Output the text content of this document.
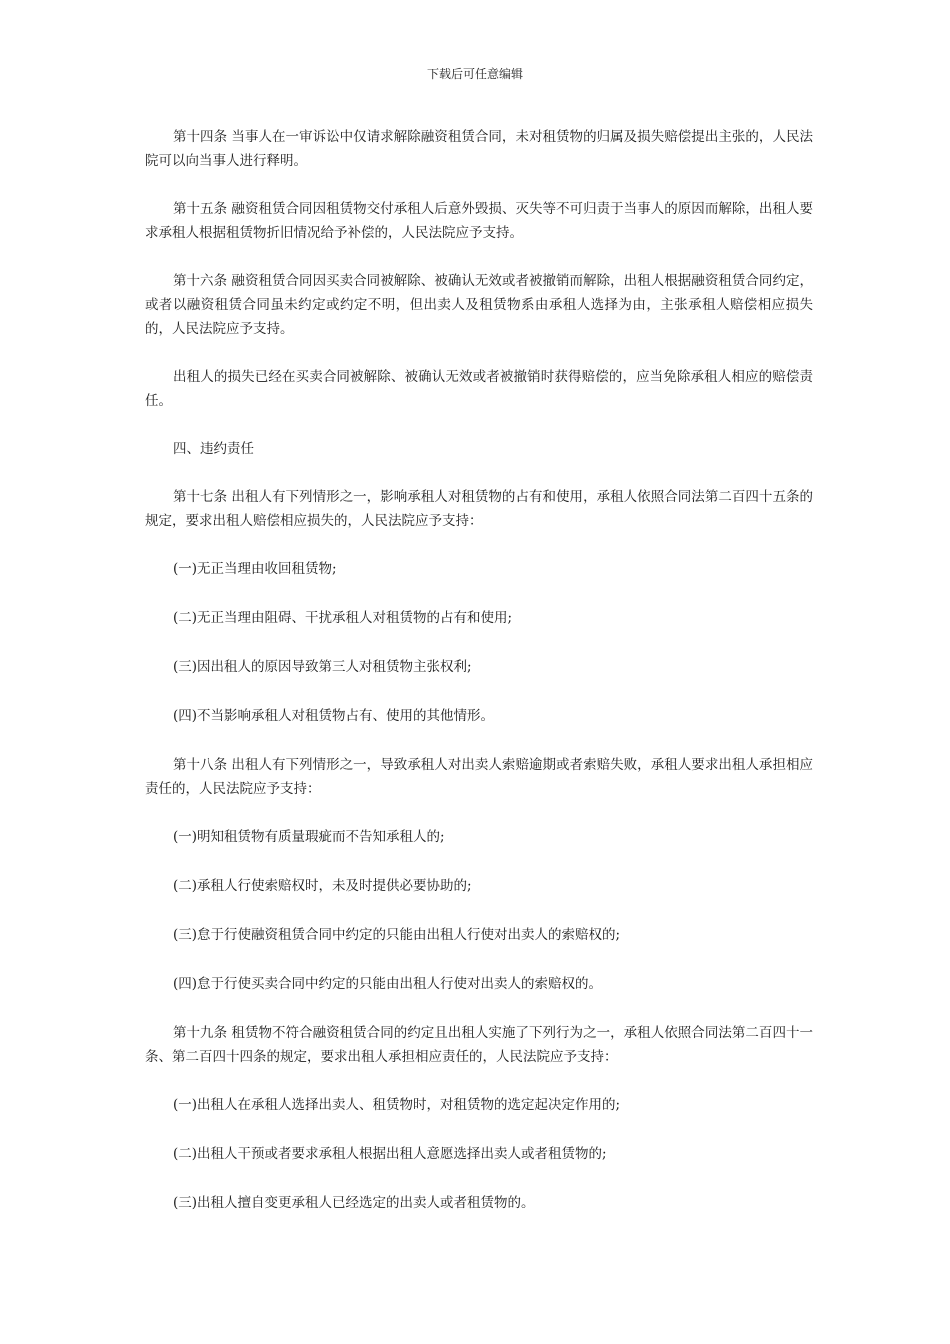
下载后可任意编辑

第十四条 当事人在一审诉讼中仅请求解除融资租赁合同，未对租赁物的归属及损失赔偿提出主张的，人民法院可以向当事人进行释明。

第十五条 融资租赁合同因租赁物交付承租人后意外毁损、灭失等不可归责于当事人的原因而解除，出租人要求承租人根据租赁物折旧情况给予补偿的，人民法院应予支持。

第十六条 融资租赁合同因买卖合同被解除、被确认无效或者被撤销而解除，出租人根据融资租赁合同约定，或者以融资租赁合同虽未约定或约定不明，但出卖人及租赁物系由承租人选择为由，主张承租人赔偿相应损失的，人民法院应予支持。

出租人的损失已经在买卖合同被解除、被确认无效或者被撤销时获得赔偿的，应当免除承租人相应的赔偿责任。

四、违约责任

第十七条 出租人有下列情形之一，影响承租人对租赁物的占有和使用，承租人依照合同法第二百四十五条的规定，要求出租人赔偿相应损失的，人民法院应予支持：

(一)无正当理由收回租赁物;

(二)无正当理由阻碍、干扰承租人对租赁物的占有和使用;

(三)因出租人的原因导致第三人对租赁物主张权利;

(四)不当影响承租人对租赁物占有、使用的其他情形。

第十八条 出租人有下列情形之一，导致承租人对出卖人索赔逾期或者索赔失败，承租人要求出租人承担相应责任的，人民法院应予支持：

(一)明知租赁物有质量瑕疵而不告知承租人的;

(二)承租人行使索赔权时，未及时提供必要协助的;

(三)怠于行使融资租赁合同中约定的只能由出租人行使对出卖人的索赔权的;

(四)怠于行使买卖合同中约定的只能由出租人行使对出卖人的索赔权的。

第十九条 租赁物不符合融资租赁合同的约定且出租人实施了下列行为之一，承租人依照合同法第二百四十一条、第二百四十四条的规定，要求出租人承担相应责任的，人民法院应予支持：

(一)出租人在承租人选择出卖人、租赁物时，对租赁物的选定起决定作用的;

(二)出租人干预或者要求承租人根据出租人意愿选择出卖人或者租赁物的;

(三)出租人擅自变更承租人已经选定的出卖人或者租赁物的。
